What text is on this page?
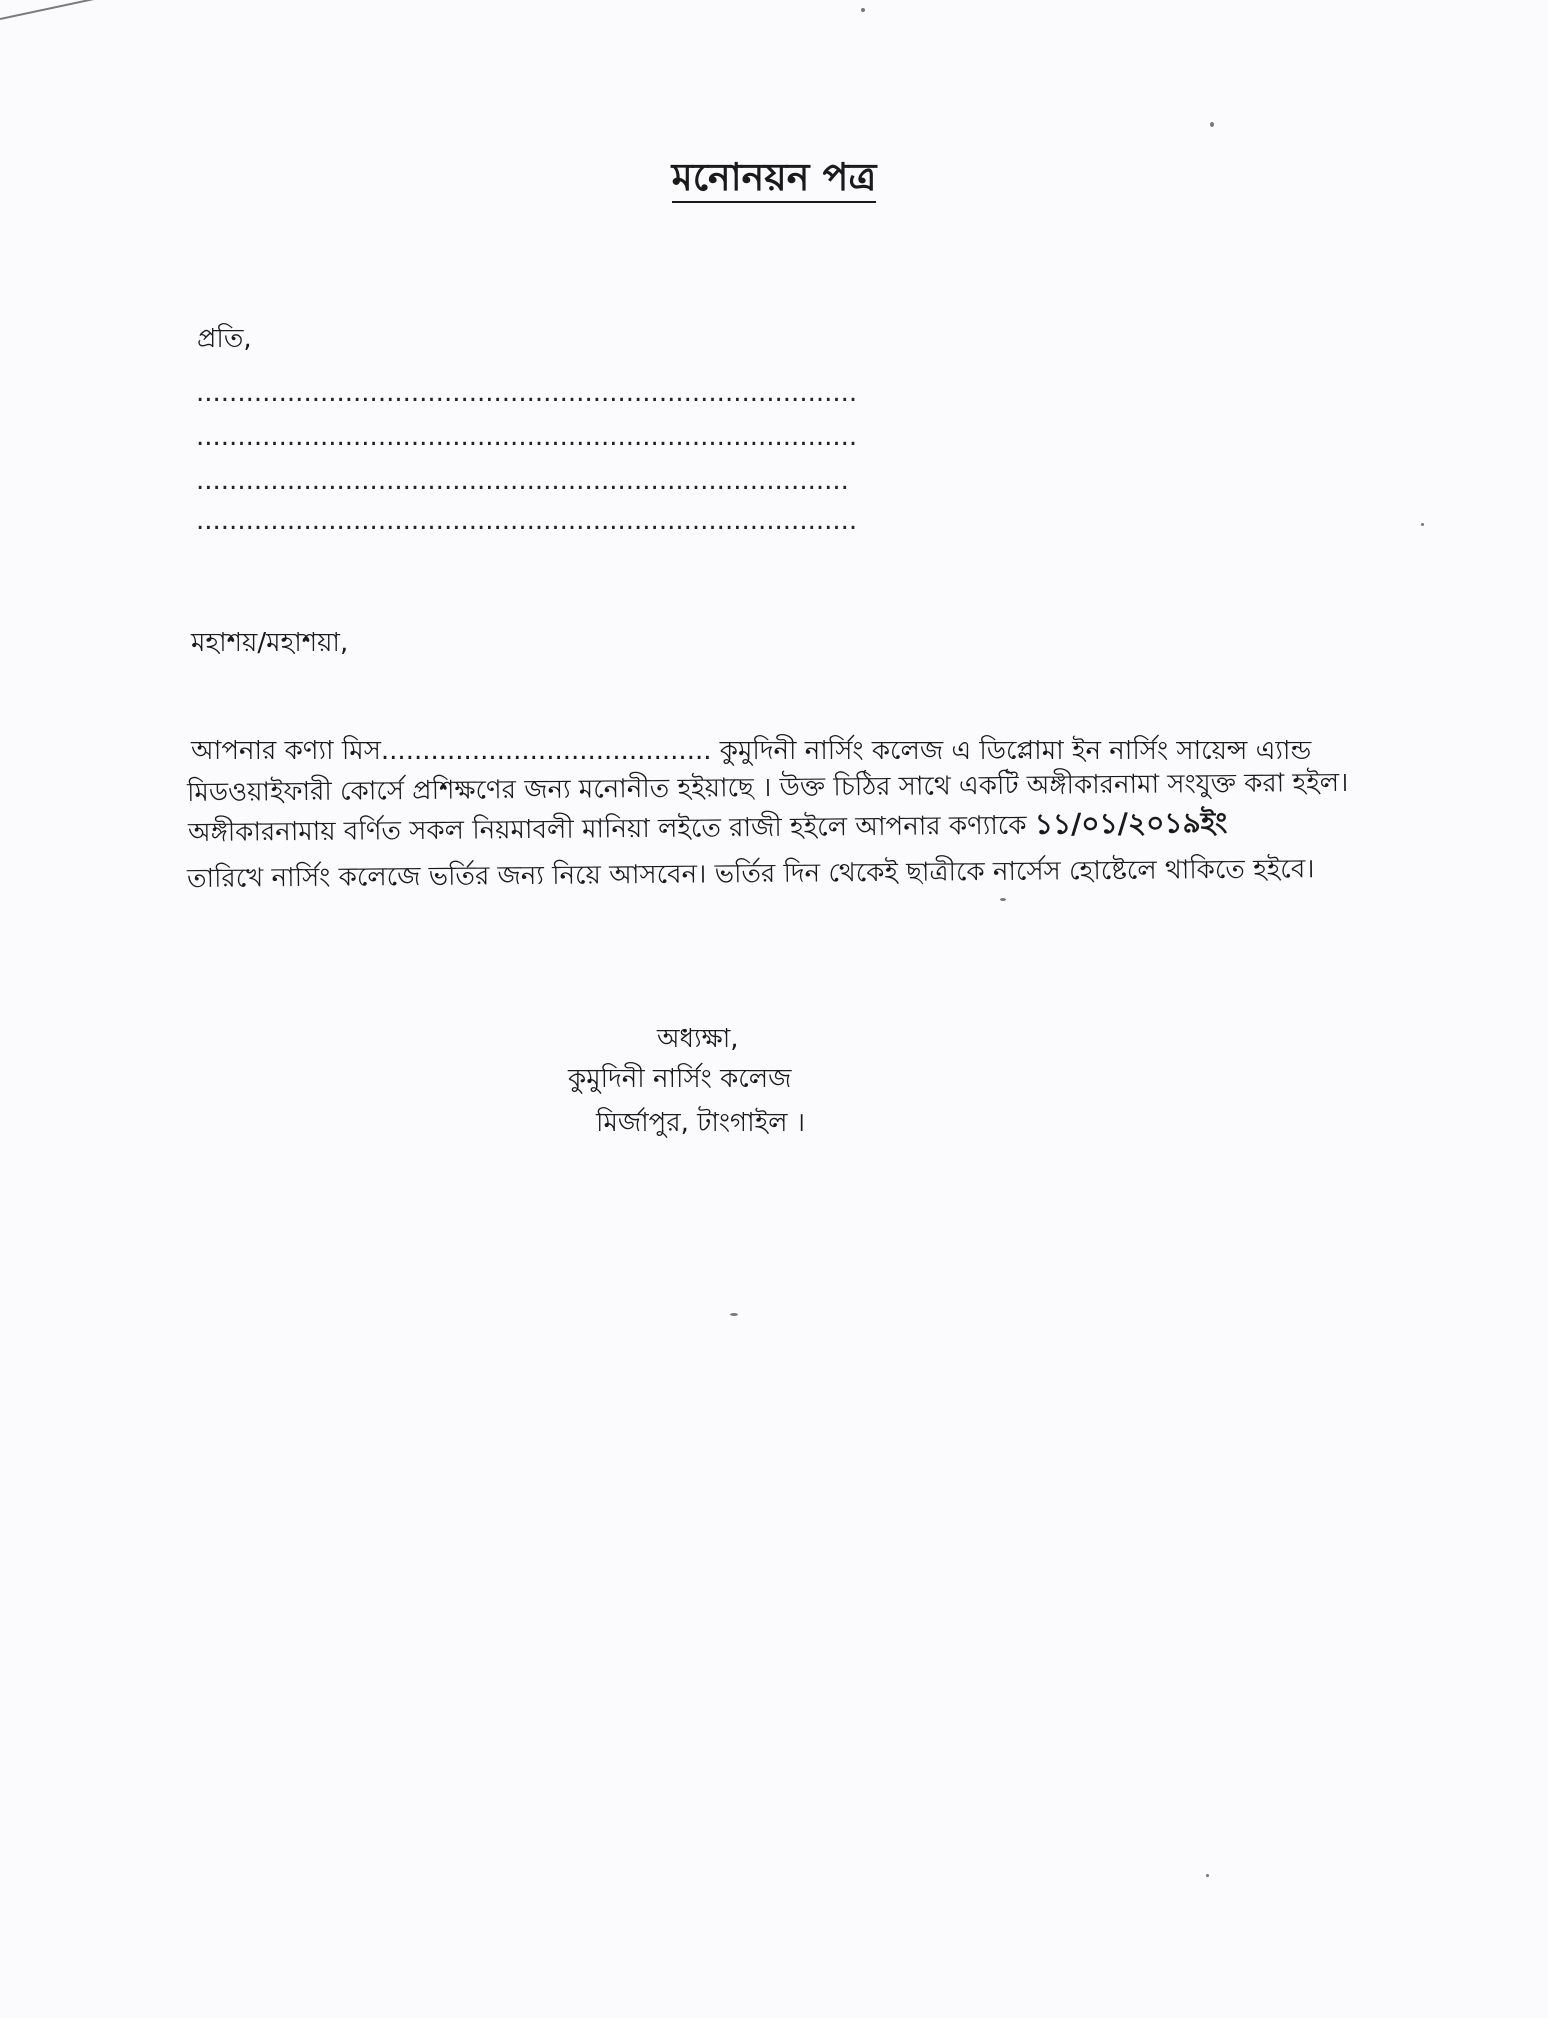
মনোনয়ন পত্র
প্রতি,
................................................................................
................................................................................
...............................................................................
................................................................................
মহাশয়/মহাশয়া,
আপনার কণ্যা মিস........................................ কুমুদিনী নার্সিং কলেজ এ ডিপ্লোমা ইন নার্সিং সায়েন্স এ্যান্ড
মিডওয়াইফারী কোর্সে প্রশিক্ষণের জন্য মনোনীত হইয়াছে । উক্ত চিঠির সাথে একটি অঙ্গীকারনামা সংযুক্ত করা হইল।
অঙ্গীকারনামায় বর্ণিত সকল নিয়মাবলী মানিয়া লইতে রাজী হইলে আপনার কণ্যাকে ১১/০১/২০১৯ইং
তারিখে নার্সিং কলেজে ভর্তির জন্য নিয়ে আসবেন। ভর্তির দিন থেকেই ছাত্রীকে নার্সেস হোষ্টেলে থাকিতে হইবে।
অধ্যক্ষা,
কুমুদিনী নার্সিং কলেজ
মির্জাপুর, টাংগাইল ।
